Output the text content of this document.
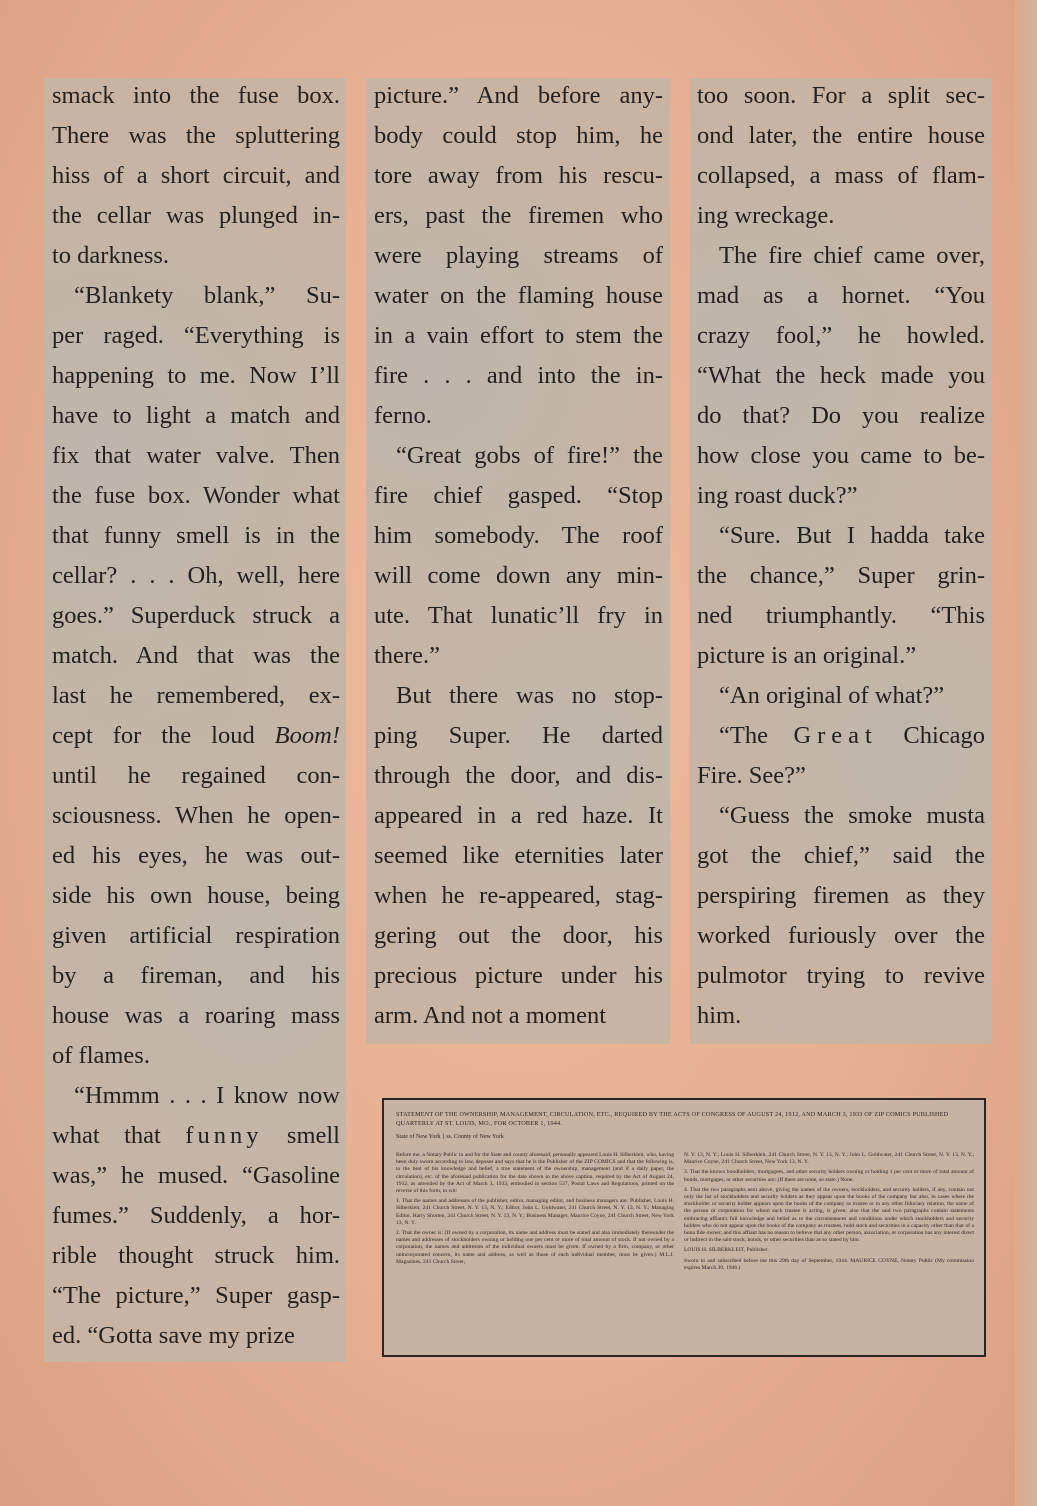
smack into the fuse box.
There was the spluttering
hiss of a short circuit, and
the cellar was plunged in-
to darkness.
“Blankety blank,” Su-
per raged. “Everything is
happening to me. Now I’ll
have to light a match and
fix that water valve. Then
the fuse box. Wonder what
that funny smell is in the
cellar? . . . Oh, well, here
goes.” Superduck struck a
match. And that was the
last he remembered, ex-
cept for the loud Boom!
until he regained con-
sciousness. When he open-
ed his eyes, he was out-
side his own house, being
given artificial respiration
by a fireman, and his
house was a roaring mass
of flames.
“Hmmm . . . I know now
what that funny smell
was,” he mused. “Gasoline
fumes.” Suddenly, a hor-
rible thought struck him.
“The picture,” Super gasp-
ed. “Gotta save my prize
picture.” And before any-
body could stop him, he
tore away from his rescu-
ers, past the firemen who
were playing streams of
water on the flaming house
in a vain effort to stem the
fire . . . and into the in-
ferno.
“Great gobs of fire!” the
fire chief gasped. “Stop
him somebody. The roof
will come down any min-
ute. That lunatic’ll fry in
there.”
But there was no stop-
ping Super. He darted
through the door, and dis-
appeared in a red haze. It
seemed like eternities later
when he re-appeared, stag-
gering out the door, his
precious picture under his
arm. And not a moment
too soon. For a split sec-
ond later, the entire house
collapsed, a mass of flam-
ing wreckage.
The fire chief came over,
mad as a hornet. “You
crazy fool,” he howled.
“What the heck made you
do that? Do you realize
how close you came to be-
ing roast duck?”
“Sure. But I hadda take
the chance,” Super grin-
ned triumphantly. “This
picture is an original.”
“An original of what?”
“The Great Chicago
Fire. See?”
“Guess the smoke musta
got the chief,” said the
perspiring firemen as they
worked furiously over the
pulmotor trying to revive
him.
STATEMENT OF THE OWNERSHIP, MANAGEMENT, CIRCULATION, ETC., REQUIRED BY THE ACTS OF CONGRESS OF AUGUST 24, 1912, AND MARCH 3, 1933 OF ZIP COMICS PUBLISHED QUARTERLY AT ST. LOUIS, MO., FOR OCTOBER 1, 1944.
State of New York } ss. County of New York

Before me, a Notary Public in and for the State and county aforesaid, personally appeared Louis H. Silberkleit, who, having been duly sworn according to law, deposes and says that he is the Publisher of the ZIP COMICS and that the following is, to the best of his knowledge and belief, a true statement of the ownership, management (and if a daily paper, the circulation), etc. of the aforesaid publication for the date shown in the above caption, required by the Act of August 24, 1912, as amended by the Act of March 3, 1933, embodied in section 537, Postal Laws and Regulations, printed on the reverse of this form, to wit:

1. That the names and addresses of the publisher, editor, managing editor, and business managers are: Publisher, Louis H. Silberkleit, 241 Church Street, N. Y. 13, N. Y.; Editor, John L. Goldwater, 241 Church Street, N. Y. 13, N. Y.; Managing Editor, Harry Shorten, 241 Church Street, N. Y. 13, N. Y.; Business Manager, Maurice Coyne, 241 Church Street, New York 13, N. Y.

2. That the owner is: (If owned by a corporation, its name and address must be stated and also immediately thereunder the names and addresses of stockholders owning or holding one per cent or more of total amount of stock. If not owned by a corporation, the names and addresses of the individual owners must be given. If owned by a firm, company, or other unincorporated concern, its name and address, as well as those of each individual member, must be given.) M.L.J. Magazines, 241 Church Street,

N. Y. 13, N. Y.; Louis H. Silberkleit, 241 Church Street, N. Y. 13, N. Y.; John L. Goldwater, 241 Church Street, N. Y. 13, N. Y.; Maurice Coyne, 241 Church Street, New York 13, N. Y.

3. That the known bondholders, mortgagees, and other security holders owning or holding 1 per cent or more of total amount of bonds, mortgages, or other securities are: (If there are none, so state.) None.

4. That the two paragraphs next above, giving the names of the owners, stockholders, and security holders, if any, contain not only the list of stockholders and security holders as they appear upon the books of the company but also, in cases where the stockholder or security holder appears upon the books of the company as trustee or in any other fiduciary relation, the name of the person or corporation for whom such trustee is acting, is given; also that the said two paragraphs contain statements embracing affiant's full knowledge and belief as to the circumstances and conditions under which stockholders and security holders who do not appear upon the books of the company as trustees, hold stock and securities in a capacity other than that of a bona fide owner; and this affiant has no reason to believe that any other person, association, or corporation has any interest direct or indirect in the said stock, bonds, or other securities than as so stated by him.

LOUIS H. SILBERKLEIT, Publisher.

Sworn to and subscribed before me this 29th day of September, 1944. MAURICE COYNE, Notary Public (My commission expires March 30, 1946.)
